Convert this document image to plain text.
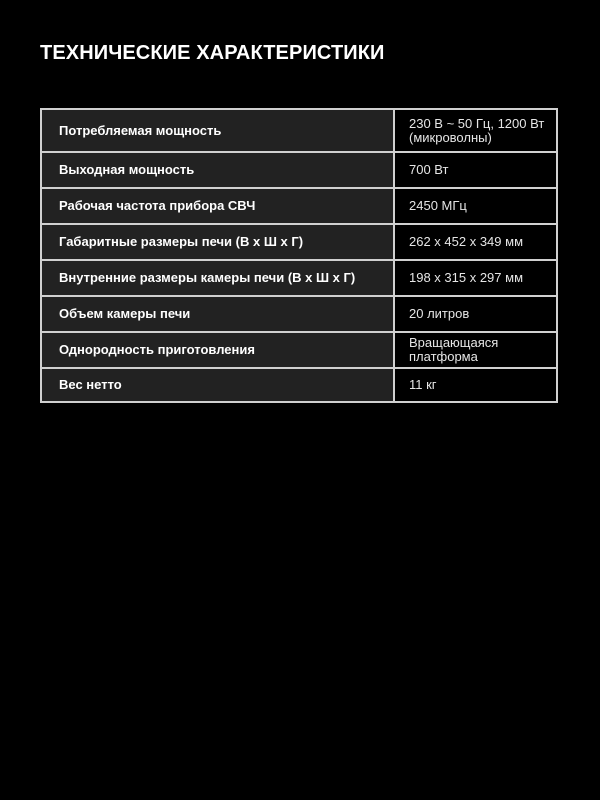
ТЕХНИЧЕСКИЕ ХАРАКТЕРИСТИКИ
Потребляемая мощность	230 В ~ 50 Гц, 1200 Вт
(микроволны)
Выходная мощность	700 Вт
Рабочая частота прибора СВЧ	2450 МГц
Габаритные размеры печи (В x Ш x Г)	262 x 452 x 349 мм
Внутренние размеры камеры печи (В x Ш x Г)	198 x 315 x 297 мм
Объем камеры печи	20 литров
Однородность приготовления	Вращающаяся платформа
Вес нетто	11 кг
